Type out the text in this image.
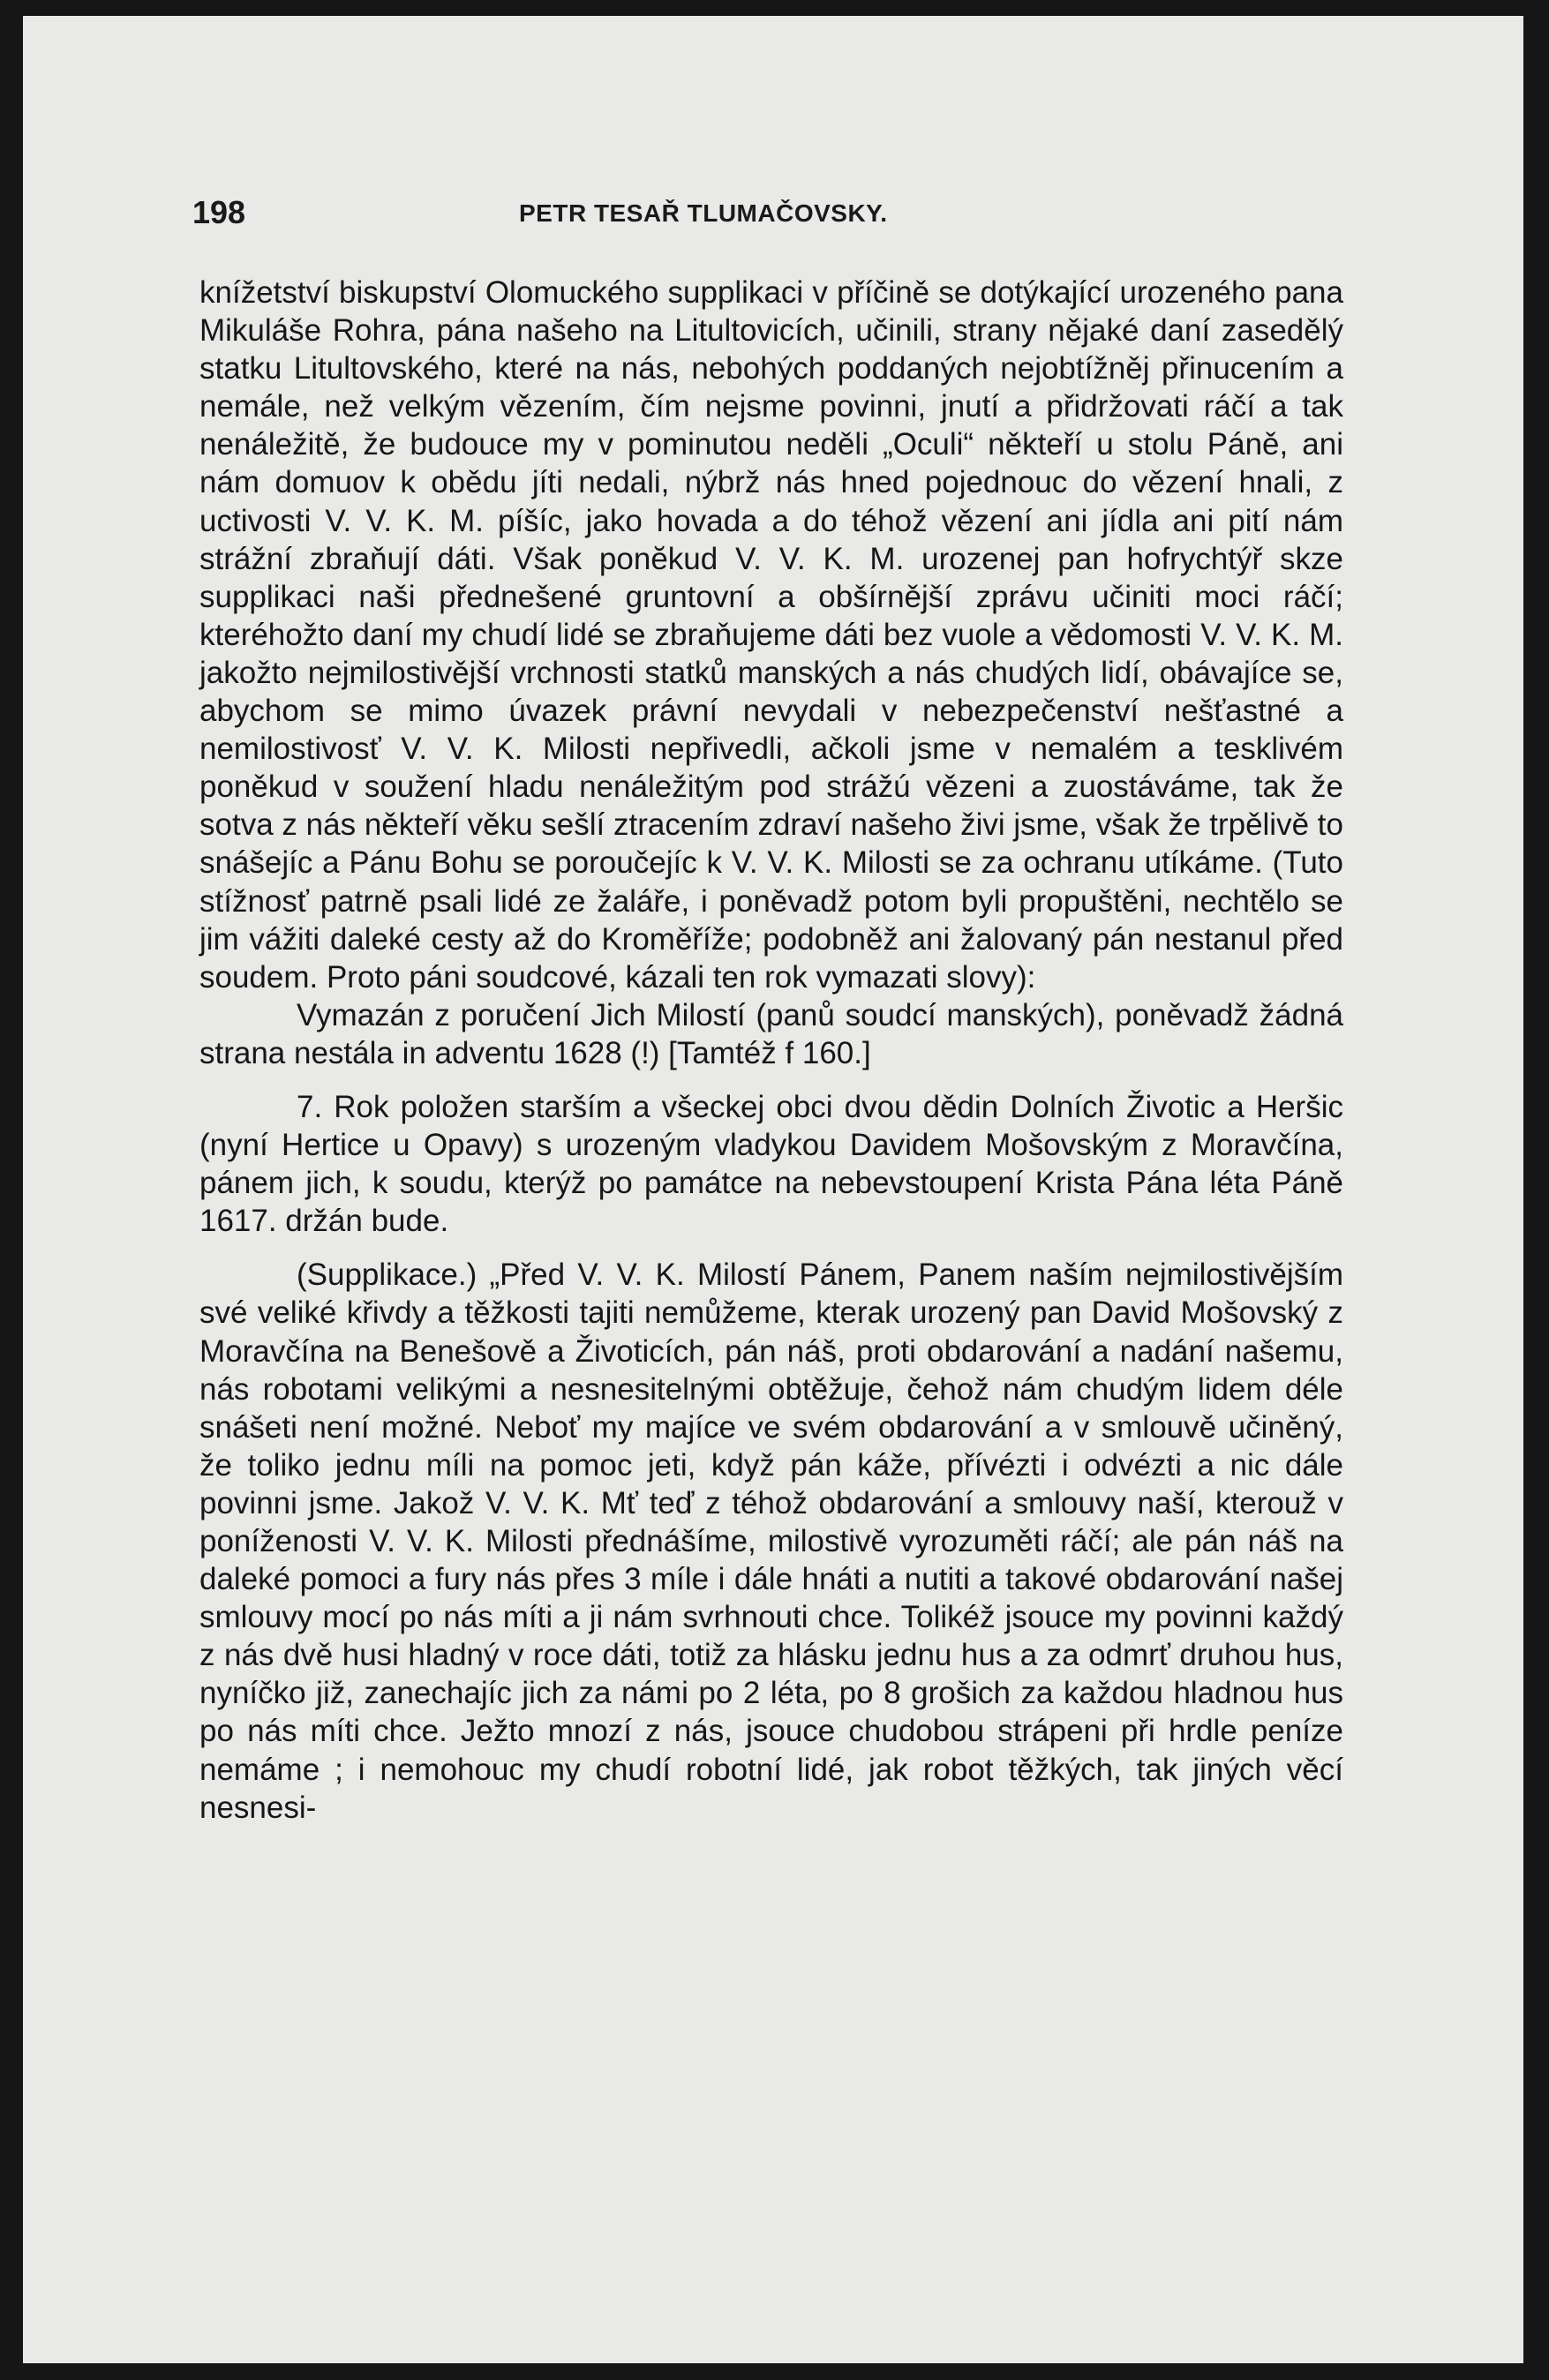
198	PETR TESAŘ TLUMAČOVSKY.

knížetství biskupství Olomuckého supplikaci v příčině se dotýkající urozeného pana Mikuláše Rohra, pána našeho na Litultovicích, učinili, strany nějaké daní zasedělý statku Litultovského, které na nás, nebohých poddaných nejobtížněj přinucením a nemále, než velkým vězením, čím nejsme povinni, jnutí a přidržovati ráčí a tak nenáležitě, že budouce my v pominutou neděli „Oculi“ někteří u stolu Páně, ani nám domuov k obědu jíti nedali, nýbrž nás hned pojednouc do vězení hnali, z uctivosti V. V. K. M. píšíc, jako hovada a do téhož vězení ani jídla ani pití nám strážní zbraňují dáti. Však ponĕkud V. V. K. M. urozenej pan hofrychtýř skze supplikaci naši přednešené gruntovní a obšírnější zprávu učiniti moci ráčí; kteréhožto daní my chudí lidé se zbraňujeme dáti bez vuole a vědomosti V. V. K. M. jakožto nejmilostivější vrchnosti statků manských a nás chudých lidí, obávajíce se, abychom se mimo úvazek právní nevydali v nebezpečenství nešťastné a nemilostivosť V. V. K. Milosti nepřivedli, ačkoli jsme v nemalém a tesklivém poněkud v soužení hladu nenáležitým pod strážú vězeni a zuostáváme, tak že sotva z nás někteří věku sešlí ztracením zdraví našeho živi jsme, však že trpělivě to snášejíc a Pánu Bohu se poroučejíc k V. V. K. Milosti se za ochranu utíkáme. (Tuto stížnosť patrně psali lidé ze žaláře, i poněvadž potom byli propuštěni, nechtělo se jim vážiti daleké cesty až do Kroměříže; podobněž ani žalovaný pán nestanul před soudem. Proto páni soudcové, kázali ten rok vymazati slovy):

Vymazán z poručení Jich Milostí (panů soudcí manských), poněvadž žádná strana nestála in adventu 1628 (!) [Tamtéž f 160.]

7. Rok položen starším a všeckej obci dvou dědin Dolních Životic a Heršic (nyní Hertice u Opavy) s urozeným vladykou Davidem Mošovským z Moravčína, pánem jich, k soudu, kterýž po památce na nebevstoupení Krista Pána léta Páně 1617. držán bude.

(Supplikace.) „Před V. V. K. Milostí Pánem, Panem naším nejmilostivějším své veliké křivdy a těžkosti tajiti nemůžeme, kterak urozený pan David Mošovský z Moravčína na Benešově a Životicích, pán náš, proti obdarování a nadání našemu, nás robotami velikými a nesnesitelnými obtěžuje, čehož nám chudým lidem déle snášeti není možné. Neboť my majíce ve svém obdarování a v smlouvě učiněný, že toliko jednu míli na pomoc jeti, když pán káže, přívézti i odvézti a nic dále povinni jsme. Jakož V. V. K. Mť teď z téhož obdarování a smlouvy naší, kterouž v poníženosti V. V. K. Milosti přednášíme, milostivě vyrozuměti ráčí; ale pán náš na daleké pomoci a fury nás přes 3 míle i dále hnáti a nutiti a takové obdarování našej smlouvy mocí po nás míti a ji nám svrhnouti chce. Tolikéž jsouce my povinni každý z nás dvě husi hladný v roce dáti, totiž za hlásku jednu hus a za odmrť druhou hus, nyníčko již, zanechajíc jich za námi po 2 léta, po 8 grošich za každou hladnou hus po nás míti chce. Ježto mnozí z nás, jsouce chudobou strápeni při hrdle peníze nemáme ; i nemohouc my chudí robotní lidé, jak robot těžkých, tak jiných věcí nesnesi-
